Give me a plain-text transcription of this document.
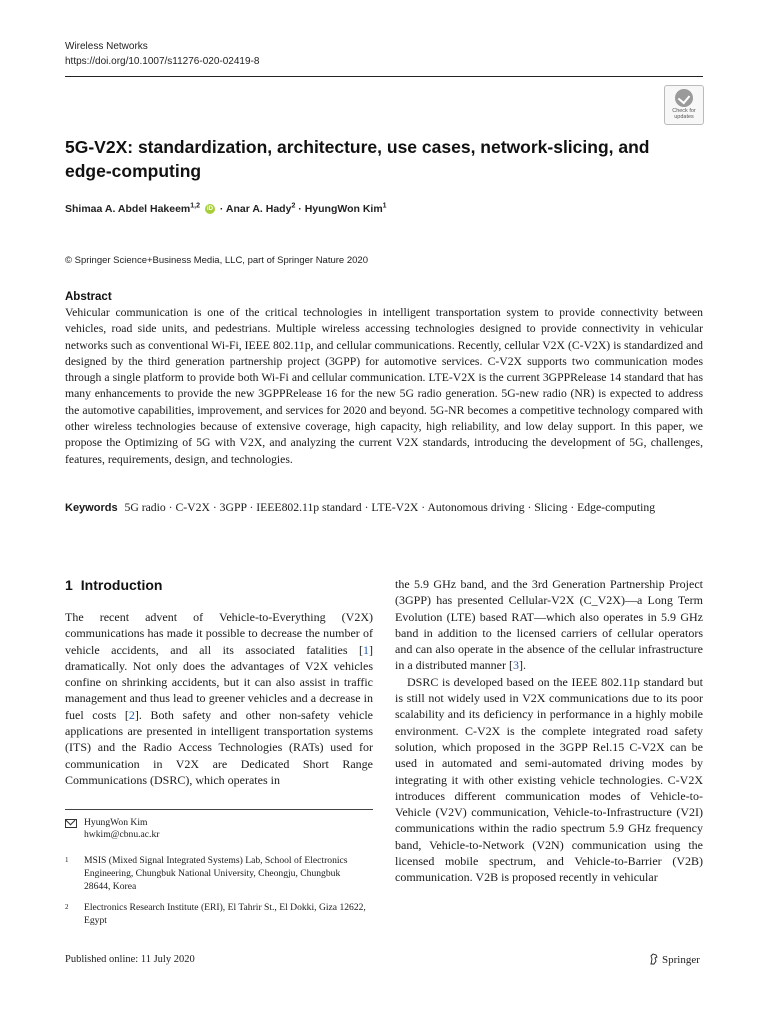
Wireless Networks
https://doi.org/10.1007/s11276-020-02419-8
Check for updates
5G-V2X: standardization, architecture, use cases, network-slicing, and edge-computing
Shimaa A. Abdel Hakeem$^{1,2}$ iD · Anar A. Hady$^2$ · HyungWon Kim$^1$
© Springer Science+Business Media, LLC, part of Springer Nature 2020
Abstract
Vehicular communication is one of the critical technologies in intelligent transportation system to provide connectivity between vehicles, road side units, and pedestrians. Multiple wireless accessing technologies designed to provide connectivity in vehicular networks such as conventional Wi-Fi, IEEE 802.11p, and cellular communications. Recently, cellular V2X (C-V2X) is standardized and designed by the third generation partnership project (3GPP) for automotive services. C-V2X supports two communication modes through a single platform to provide both Wi-Fi and cellular communication. LTE-V2X is the current 3GPPRelease 14 standard that has many enhancements to provide the new 3GPPRelease 16 for the new 5G radio generation. 5G-new radio (NR) is expected to address the automotive capabilities, improvement, and services for 2020 and beyond. 5G-NR becomes a competitive technology compared with other wireless technologies because of extensive coverage, high capacity, high reliability, and low delay support. In this paper, we propose the Optimizing of 5G with V2X, and analyzing the current V2X standards, introducing the development of 5G, challenges, features, requirements, design, and technologies.
Keywords 5G radio · C-V2X · 3GPP · IEEE802.11p standard · LTE-V2X · Autonomous driving · Slicing · Edge-computing
1 Introduction

The recent advent of Vehicle-to-Everything (V2X) communications has made it possible to decrease the number of vehicle accidents, and all its associated fatalities [1] dramatically. Not only does the advantages of V2X vehicles confine on shrinking accidents, but it can also assist in traffic management and thus lead to greener vehicles and a decrease in fuel costs [2]. Both safety and other non-safety vehicle applications are presented in intelligent transportation systems (ITS) and the Radio Access Technologies (RATs) used for communication in V2X are Dedicated Short Range Communications (DSRC), which operates in

the 5.9 GHz band, and the 3rd Generation Partnership Project (3GPP) has presented Cellular-V2X (C_V2X)—a Long Term Evolution (LTE) based RAT—which also operates in 5.9 GHz band in addition to the licensed carriers of cellular operators and can also operate in the absence of the cellular infrastructure in a distributed manner [3].

DSRC is developed based on the IEEE 802.11p standard but is still not widely used in V2X communications due to its poor scalability and its deficiency in performance in a highly mobile environment. C-V2X is the complete integrated road safety solution, which proposed in the 3GPP Rel.15 C-V2X can be used in automated and semi-automated driving modes by integrating it with other existing vehicle technologies. C-V2X introduces different communication modes of Vehicle-to-Vehicle (V2V) communication, Vehicle-to-Infrastructure (V2I) communications within the radio spectrum 5.9 GHz frequency band, Vehicle-to-Network (V2N) communication using the licensed mobile spectrum, and Vehicle-to-Barrier (V2B) communication. V2B is proposed recently in vehicular

HyungWon Kim
hwkim@cbnu.ac.kr
1 MSIS (Mixed Signal Integrated Systems) Lab, School of Electronics Engineering, Chungbuk National University, Cheongju, Chungbuk 28644, Korea
2 Electronics Research Institute (ERI), El Tahrir St., El Dokki, Giza 12622, Egypt
Published online: 11 July 2020	Springer
